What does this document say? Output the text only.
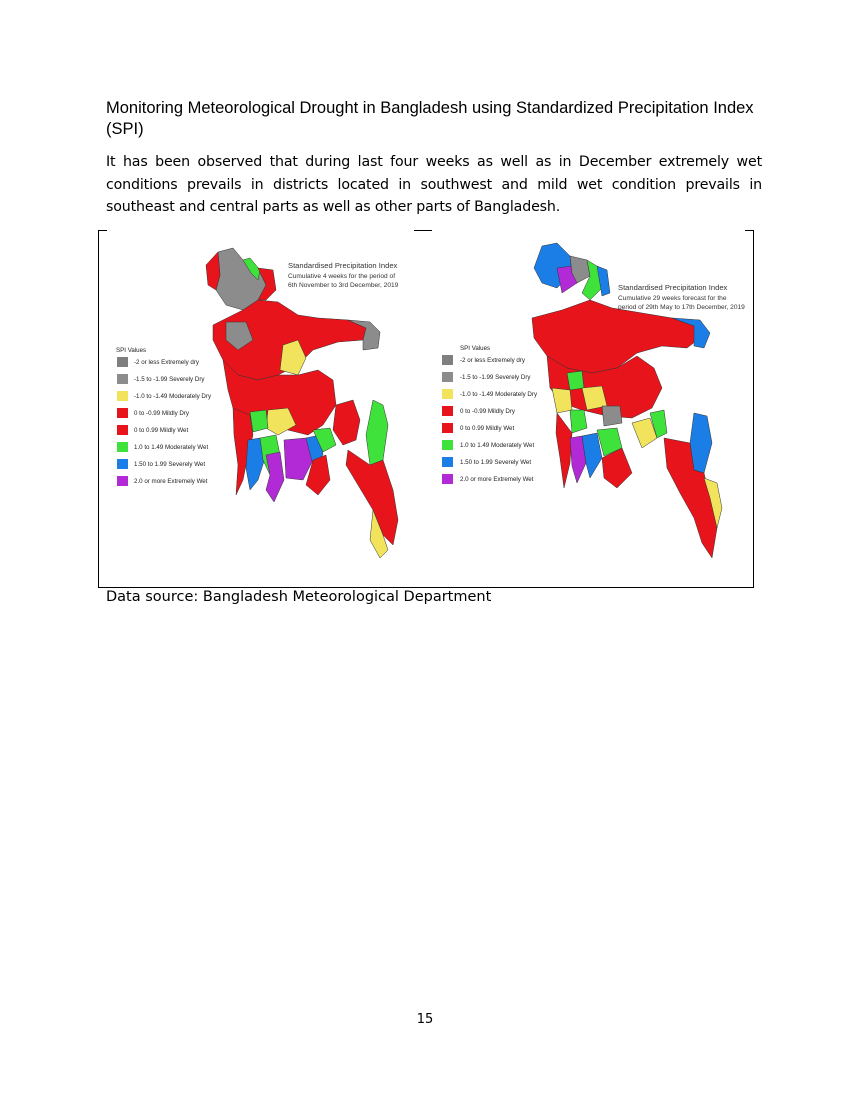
Monitoring Meteorological Drought in Bangladesh using Standardized Precipitation Index (SPI)

It has been observed that during last four weeks as well as in December extremely wet conditions prevails in districts located in southwest and mild wet condition prevails in southeast and central parts as well as other parts of Bangladesh.

Standardised Precipitation Index
Cumulative 4 weeks for the period of
6th November to 3rd December, 2019
SPI Values
-2 or less Extremely dry
-1.5 to -1.99 Severely Dry
-1.0 to -1.49 Moderately Dry
0 to -0.99 Mildly Dry
0 to 0.99 Mildly Wet
1.0 to 1.49 Moderately Wet
1.50 to 1.99 Severely Wet
2.0 or more Extremely Wet
Standardised Precipitation Index
Cumulative 29 weeks forecast for the
period of 29th May to 17th December, 2019
SPI Values
-2 or less Extremely dry
-1.5 to -1.99 Severely Dry
-1.0 to -1.49 Moderately Dry
0 to -0.99 Mildly Dry
0 to 0.99 Mildly Wet
1.0 to 1.49 Moderately Wet
1.50 to 1.99 Severely Wet
2.0 or more Extremely Wet

Data source: Bangladesh Meteorological Department

15
